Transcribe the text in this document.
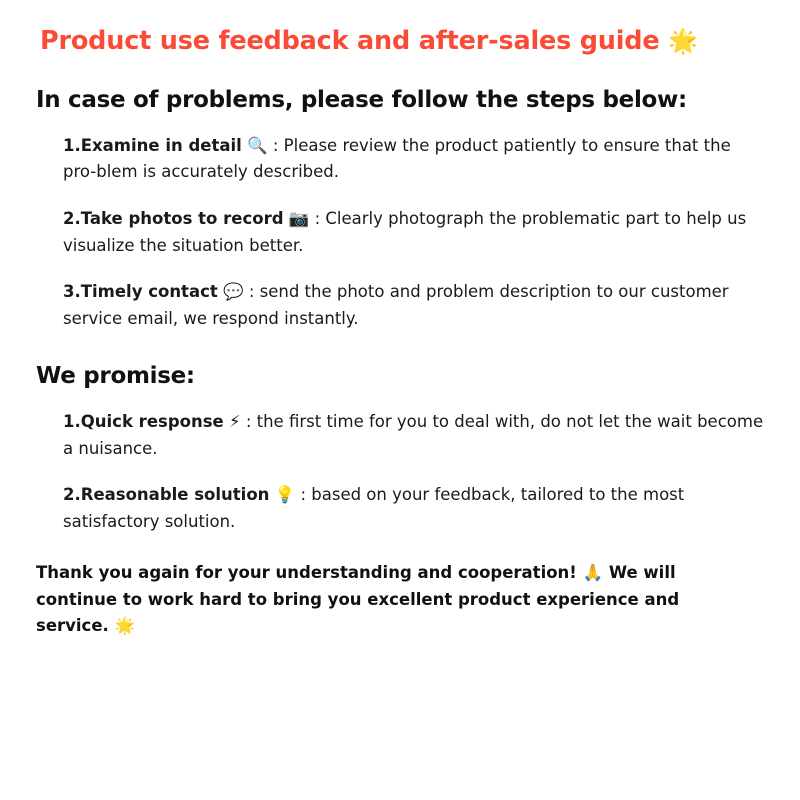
Product use feedback and after-sales guide 🌟
In case of problems, please follow the steps below:

1.Examine in detail 🔍 : Please review the product patiently to ensure that the pro-blem is accurately described.

2.Take photos to record 📷 : Clearly photograph the problematic part to help us visualize the situation better.

3.Timely contact 💬 : send the photo and problem description to our customer service email, we respond instantly.

We promise:

1.Quick response ⚡ : the first time for you to deal with, do not let the wait become a nuisance.

2.Reasonable solution 💡 : based on your feedback, tailored to the most satisfactory solution.

Thank you again for your understanding and cooperation! 🙏 We will continue to work hard to bring you excellent product experience and service. 🌟
